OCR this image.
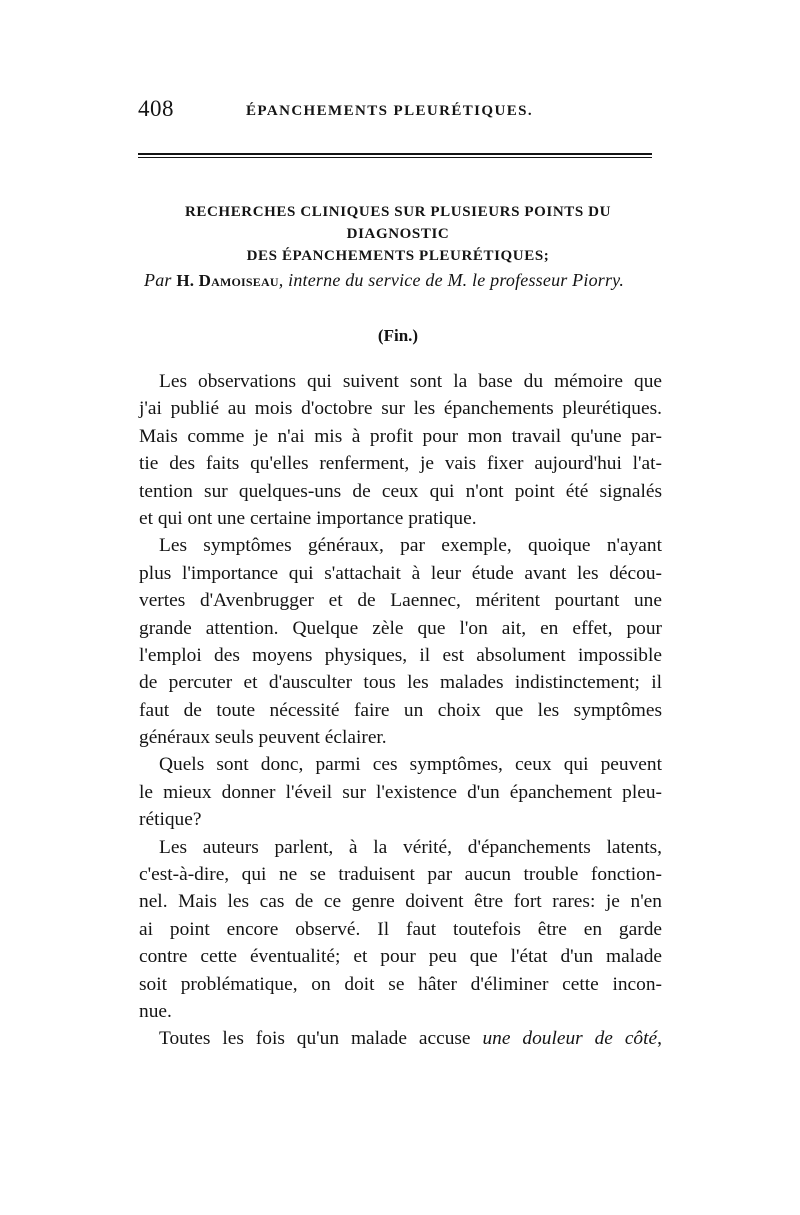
408	ÉPANCHEMENTS PLEURÉTIQUES.
RECHERCHES CLINIQUES SUR PLUSIEURS POINTS DU DIAGNOSTIC
DES ÉPANCHEMENTS PLEURÉTIQUES;
Par H. Damoiseau, interne du service de M. le professeur Piorry.
(Fin.)
Les observations qui suivent sont la base du mémoire que
j'ai publié au mois d'octobre sur les épanchements pleurétiques.
Mais comme je n'ai mis à profit pour mon travail qu'une par-
tie des faits qu'elles renferment, je vais fixer aujourd'hui l'at-
tention sur quelques-uns de ceux qui n'ont point été signalés
et qui ont une certaine importance pratique.
Les symptômes généraux, par exemple, quoique n'ayant
plus l'importance qui s'attachait à leur étude avant les décou-
vertes d'Avenbrugger et de Laennec, méritent pourtant une
grande attention. Quelque zèle que l'on ait, en effet, pour
l'emploi des moyens physiques, il est absolument impossible
de percuter et d'ausculter tous les malades indistinctement; il
faut de toute nécessité faire un choix que les symptômes
généraux seuls peuvent éclairer.
Quels sont donc, parmi ces symptômes, ceux qui peuvent
le mieux donner l'éveil sur l'existence d'un épanchement pleu-
rétique?
Les auteurs parlent, à la vérité, d'épanchements latents,
c'est-à-dire, qui ne se traduisent par aucun trouble fonction-
nel. Mais les cas de ce genre doivent être fort rares: je n'en
ai point encore observé. Il faut toutefois être en garde
contre cette éventualité; et pour peu que l'état d'un malade
soit problématique, on doit se hâter d'éliminer cette incon-
nue.
Toutes les fois qu'un malade accuse une douleur de côté,
